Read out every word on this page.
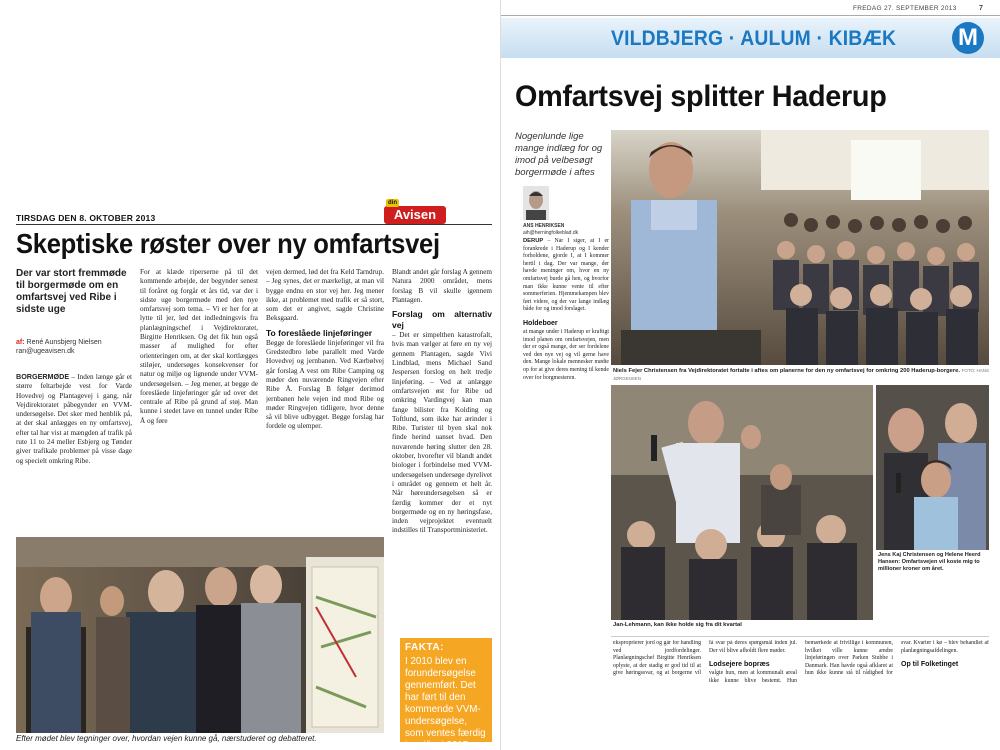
TIRSDAG DEN 8. OKTOBER 2013
din
Avisen
Skeptiske røster over ny omfartsvej
Der var stort fremmøde til borgermøde om en omfartsvej ved Ribe i sidste uge
af: René Aunsbjerg Nielsen
ran@ugeavisen.dk
BORGERMØDE – Inden længe går et større feltarbejde vest for Varde Hovedvej og Plantagevej i gang, når Vejdirektoratet påbegynder en VVM-undersøgelse. Det sker med henblik på, at der skal anlægges en ny omfartsvej, efter tal har vist at mængden af trafik på rute 11 to 24 meller Esbjerg og Tønder giver trafikale problemer på visse dage og specielt omkring Ribe.
For at klæde riperserne på til det kommende arbejde, der begynder senest til foråret og forgår et års tid, var der i sidste uge borgermøde med den nye omfartsvej som tema. – Vi er her for at lytte til jer, lød det indledningsvis fra planlægningschef i Vejdirektoratet, Birgitte Henriksen. Og det fik hun også masser af mulighed for efter orienteringen om, at der skal kortlægges stiløjer, undersøges konsekvenser for natur og miljø og lignende under VVM-undersøgelsen. – Jeg mener, at begge de foreslåede linjeføringer går ud over det centrale af Ribe på grund af støj. Man kunne i stedet lave en tunnel under Ribe Å og føre
vejen dermed, lød det fra Keld Tarndrup. – Jeg synes, det er mærkeligt, at man vil bygge endnu en stor vej her. Jeg mener ikke, at problemet med trafik er så stort, som det er angivet, sagde Christine Beksgaard.
To foreslåede linjeføringer
Begge de foreslåede linjeføringer vil fra Gredstedbro løbe parallelt med Varde Hovedvej og jernbanen. Ved Kærbølvej går forslag A vest om Ribe Camping og møder den nuværende Ringvejen efter Ribe Å. Forslag B følger derimod jernbanen hele vejen ind mod Ribe og møder Ringvejen tidligere, hvor denne så vil blive udbygget. Begge forslag har fordele og ulemper.
Blandt andet går forslag A gennem Natura 2000 området, mens forslag B vil skulle igennem Plantagen.
Forslag om alternativ vej
– Det er simpelthen katastrofalt, hvis man vælger at føre en ny vej gennem Plantagen, sagde Vivi Lindblad, mens Michael Sand Jespersen forslog en helt tredje linjeføring. – Ved at anlægge omfartsvejen øst for Ribe ud omkring Vardingvej kan man fange bilister fra Kolding og Toftlund, som ikke har ærinder i Ribe. Turister til byen skal nok finde herind uanset hvad. Den nuværende høring slutter den 28. oktober, hvorefter vil blandt andet biologer i forbindelse med VVM-undersøgelsen undersøge dyrelivet i området og gennem et helt år. Når høreundersøgelsen så er færdig kommer der et nyt borgermøde og en ny høringsfase, inden vejprojektet eventuelt indstilles til Transportministeriet.
Efter mødet blev tegninger over, hvordan vejen kunne gå, nærstuderet og debatteret.
FAKTA:
I 2010 blev en forundersøgelse gennemført. Det har ført til den kommende VVM-undersøgelse, som ventes færdig i maj/juni 2015.
FREDAG 27. SEPTEMBER 2013	7
VILDBJERG · AULUM · KIBÆK	M
Omfartsvej splitter Haderup
Nogenlunde lige mange indlæg for og imod på velbesøgt borgermøde i aftes
ANS HENRIKSEN
aih@herningfolkeblad.dk
DERUP – Når I siger, at I er forankrede i Haderup og I kender forholdene, gjorde I, at I kommer hertil i dag. Der var mange, der havde meninger om, hvor en ny omfartsvej burde gå hen, og hvorfor man ikke kunne vente til efter sommerferien. Hjemmekampen blev ført videre, og der var lange indlæg både for og imod forslaget.
Holdeboer
at mange under i Haderup er kraftigt imod planen om omfartsvejen, men der er også mange, der ser fordelene ved den nye vej og vil gerne have den. Mange lokale mennesker mødte op for at give deres mening til kende over for borgmesteren.
Niels Fejer Christensen fra Vejdirektoratet fortalte i aftes om planerne for den ny omfartsvej for omkring 200 Haderup-borgere. FOTO: HANS JØRGENSEN
Jan-Lehmann, kan ikke holde sig fra dit kvartal
Jens Kaj Christensen og Helene Heerd Hansen: Omfartsvejen vil koste mig to millioner kroner om året.
eksproprierer jord og går for handling ved jordfordelinger. Planlægningschef Birgitte Henriksen oplyste, at der stadig er god tid til at give høringssvar, og at borgerne vil få svar på deres spørgsmål inden jul. Der vil blive afholdt flere møder.
Lodsejere bopræs
valgte hun, men at kommunalt areal ikke kunne blive bestemt. Hun bemærkede at frivillige i kommunen, hvilket ville kunne ændre linjeføringen over Parken Stubbe i Danmark. Han havde også afklaret at hun ikke kunne stå til rådighed for svar. Kvarter i kø – blev behandlet af planlægningsafdelingen.
Op til Folketinget
